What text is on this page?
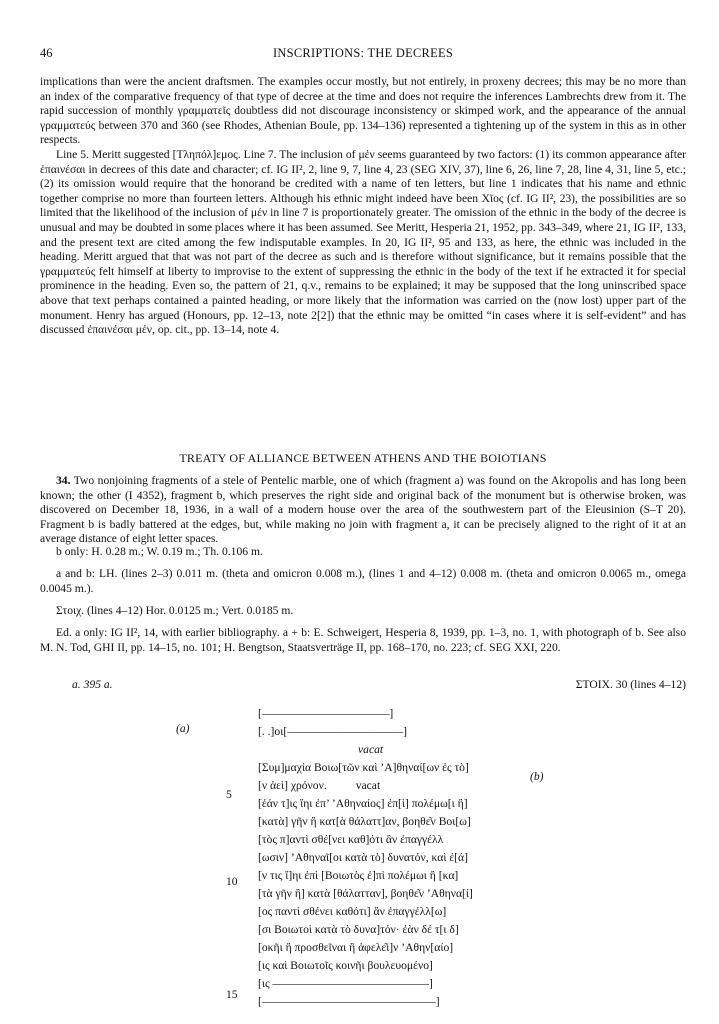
46	INSCRIPTIONS: THE DECREES

implications than were the ancient draftsmen. The examples occur mostly, but not entirely, in proxeny decrees; this may be no more than an index of the comparative frequency of that type of decree at the time and does not require the inferences Lambrechts drew from it. The rapid succession of monthly γραμματεῖς doubtless did not discourage inconsistency or skimped work, and the appearance of the annual γραμματεύς between 370 and 360 (see Rhodes, Athenian Boule, pp. 134–136) represented a tightening up of the system in this as in other respects.

Line 5. Meritt suggested [Τληπόλ]εμος. Line 7. The inclusion of μέν seems guaranteed by two factors: (1) its common appearance after ἐπαινέσαι in decrees of this date and character; cf. IG II², 2, line 9, 7, line 4, 23 (SEG XIV, 37), line 6, 26, line 7, 28, line 4, 31, line 5, etc.; (2) its omission would require that the honorand be credited with a name of ten letters, but line 1 indicates that his name and ethnic together comprise no more than fourteen letters. Although his ethnic might indeed have been Χῖος (cf. IG II², 23), the possibilities are so limited that the likelihood of the inclusion of μέν in line 7 is proportionately greater. The omission of the ethnic in the body of the decree is unusual and may be doubted in some places where it has been assumed. See Meritt, Hesperia 21, 1952, pp. 343–349, where 21, IG II², 133, and the present text are cited among the few indisputable examples. In 20, IG II², 95 and 133, as here, the ethnic was included in the heading. Meritt argued that that was not part of the decree as such and is therefore without significance, but it remains possible that the γραμματεύς felt himself at liberty to improvise to the extent of suppressing the ethnic in the body of the text if he extracted it for special prominence in the heading. Even so, the pattern of 21, q.v., remains to be explained; it may be supposed that the long uninscribed space above that text perhaps contained a painted heading, or more likely that the information was carried on the (now lost) upper part of the monument. Henry has argued (Honours, pp. 12–13, note 2[2]) that the ethnic may be omitted “in cases where it is self-evident” and has discussed ἐπαινέσαι μέν, op. cit., pp. 13–14, note 4.

TREATY OF ALLIANCE BETWEEN ATHENS AND THE BOIOTIANS

34. Two nonjoining fragments of a stele of Pentelic marble, one of which (fragment a) was found on the Akropolis and has long been known; the other (I 4352), fragment b, which preserves the right side and original back of the monument but is otherwise broken, was discovered on December 18, 1936, in a wall of a modern house over the area of the southwestern part of the Eleusinion (S–T 20). Fragment b is badly battered at the edges, but, while making no join with fragment a, it can be precisely aligned to the right of it at an average distance of eight letter spaces.

b only: H. 0.28 m.; W. 0.19 m.; Th. 0.106 m.
a and b: LH. (lines 2–3) 0.011 m. (theta and omicron 0.008 m.), (lines 1 and 4–12) 0.008 m. (theta and omicron 0.0065 m., omega 0.0045 m.).
Στοιχ. (lines 4–12) Hor. 0.0125 m.; Vert. 0.0185 m.
Ed. a only: IG II², 14, with earlier bibliography. a + b: E. Schweigert, Hesperia 8, 1939, pp. 1–3, no. 1, with photograph of b. See also M. N. Tod, GHI II, pp. 14–15, no. 101; H. Bengtson, Staatsverträge II, pp. 168–170, no. 223; cf. SEG XXI, 220.
a. 395 a.	ΣΤΟΙΧ. 30 (lines 4–12)
(a)
(b)
5
10
15
[––––––––––––––––––––––]
[. .]οι[––––––––––––––––––––]
vacat
[Συμ]μαχία Βοιω[τῶν καὶ ’Α]θηναί[ων ἐς τὸ]
[ν ἀεὶ] χρόνον.          vacat
[ἐάν τ]ις ἴηι ἐπ’ ’Αθηναίος] ἐπ[ὶ] πολέμω[ι ἢ]
[κατὰ] γῆν ἢ κατ[ὰ θάλαττ]αν, βοηθε͂ν Βοι[ω]
[τὸς π]αντὶ σθέ[νει καθ]ότι ἂν ἐπαγγέλλ
[ωσιν] ’Αθηναῖ[οι κατὰ τὸ] δυνατόν, καὶ ἐ[ά]
[ν τις ἴ]ηι ἐπὶ [Βοιωτὸς ἐ]πὶ πολέμωι ἢ [κα]
[τὰ γῆν ἢ] κατὰ [θάλατταν], βοηθε͂ν ’Αθηνα[ί]
[ος παντὶ σθένει καθότι] ἂν ἐπαγγέλλ[ω]
[σι Βοιωτοὶ κατὰ τὸ δυνα]τόν· ἐὰν δέ τ[ι δ]
[οκῆι ἢ προσθεῖναι ἢ ἀφελε͂ι]ν ’Αθην[αίο]
[ις καὶ Βοιωτοῖς κοινῆι βουλευομένο]
[ις –––––––––––––––––––––––––––]
[––––––––––––––––––––––––––––––]
